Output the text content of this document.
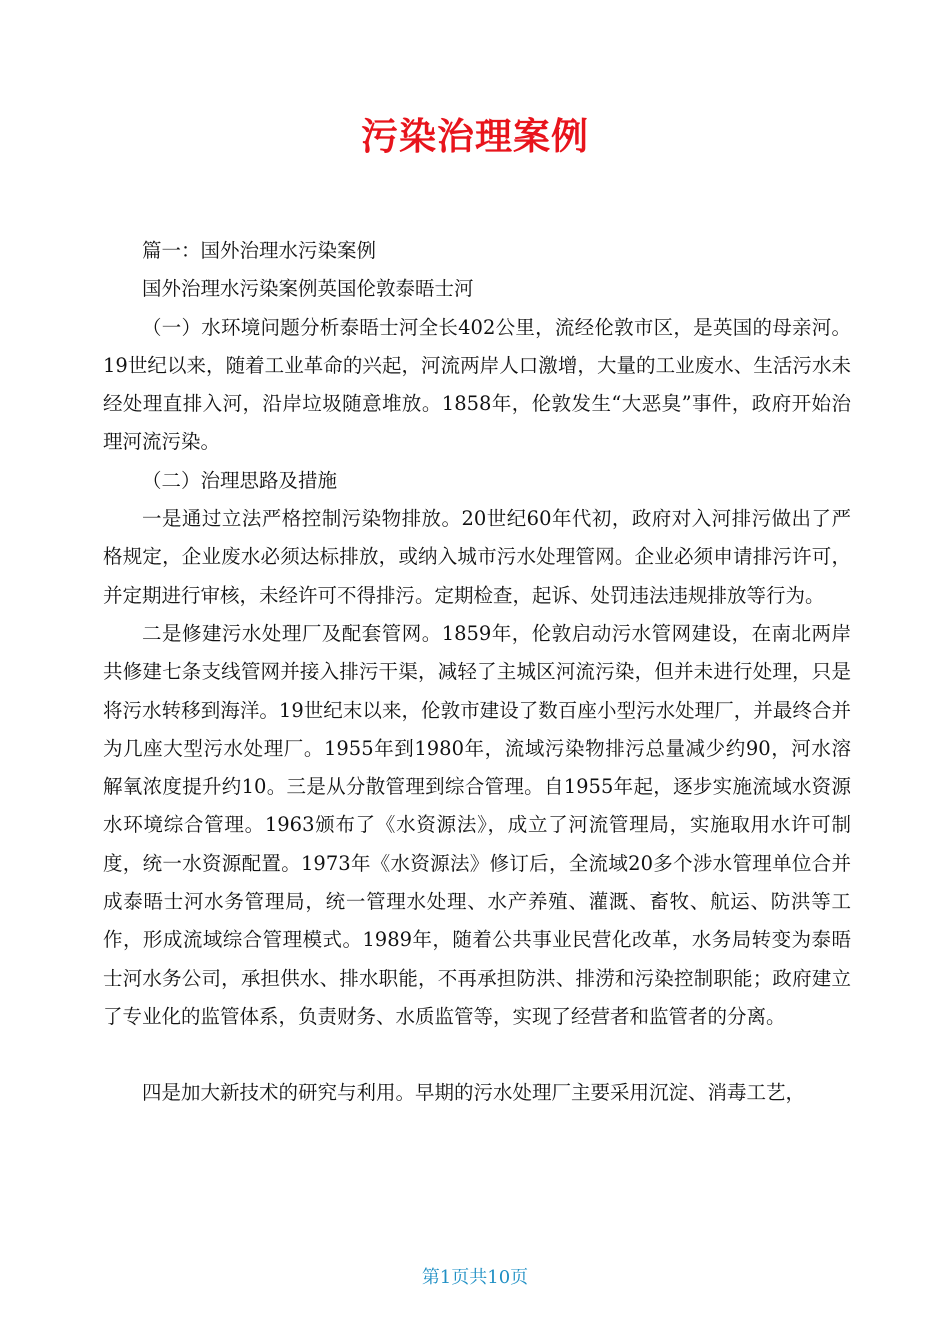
污染治理案例

篇一：国外治理水污染案例

国外治理水污染案例英国伦敦泰晤士河

（一）水环境问题分析泰晤士河全长402公里，流经伦敦市区，是英国的母亲河。19世纪以来，随着工业革命的兴起，河流两岸人口激增，大量的工业废水、生活污水未经处理直排入河，沿岸垃圾随意堆放。1858年，伦敦发生“大恶臭”事件，政府开始治理河流污染。

（二）治理思路及措施

一是通过立法严格控制污染物排放。20世纪60年代初，政府对入河排污做出了严格规定，企业废水必须达标排放，或纳入城市污水处理管网。企业必须申请排污许可，并定期进行审核，未经许可不得排污。定期检查，起诉、处罚违法违规排放等行为。

二是修建污水处理厂及配套管网。1859年，伦敦启动污水管网建设，在南北两岸共修建七条支线管网并接入排污干渠，减轻了主城区河流污染，但并未进行处理，只是将污水转移到海洋。19世纪末以来，伦敦市建设了数百座小型污水处理厂，并最终合并为几座大型污水处理厂。1955年到1980年，流域污染物排污总量减少约90，河水溶解氧浓度提升约10。三是从分散管理到综合管理。自1955年起，逐步实施流域水资源水环境综合管理。1963颁布了《水资源法》，成立了河流管理局，实施取用水许可制度，统一水资源配置。1973年《水资源法》修订后，全流域20多个涉水管理单位合并成泰晤士河水务管理局，统一管理水处理、水产养殖、灌溉、畜牧、航运、防洪等工作，形成流域综合管理模式。1989年，随着公共事业民营化改革，水务局转变为泰晤士河水务公司，承担供水、排水职能，不再承担防洪、排涝和污染控制职能；政府建立了专业化的监管体系，负责财务、水质监管等，实现了经营者和监管者的分离。

四是加大新技术的研究与利用。早期的污水处理厂主要采用沉淀、消毒工艺，

第1页共10页
